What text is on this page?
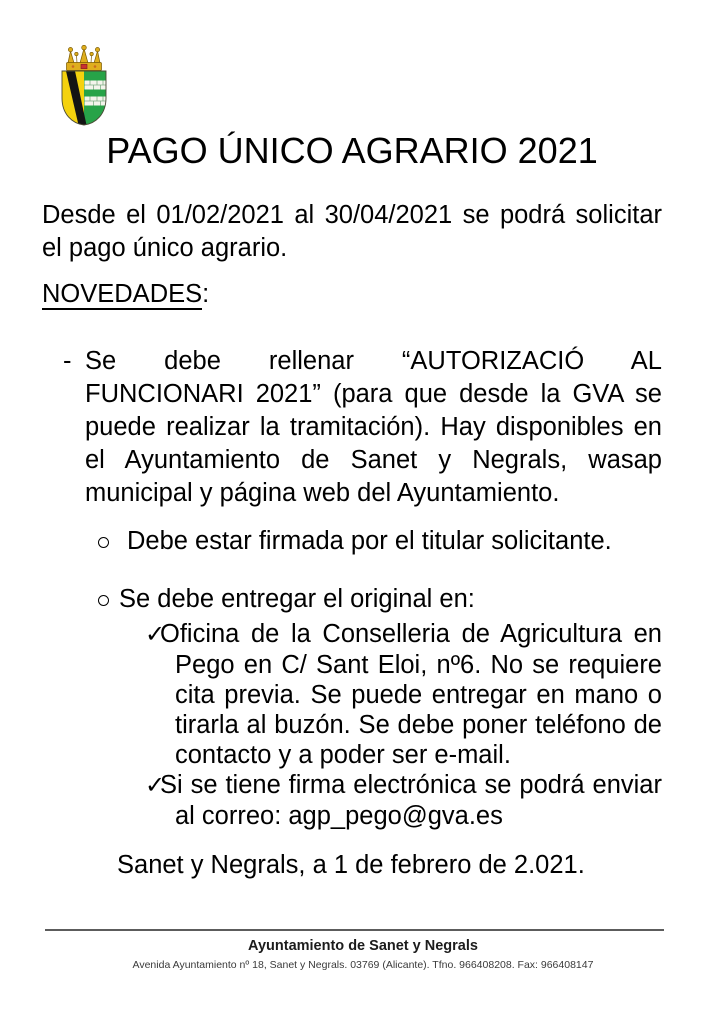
PAGO ÚNICO AGRARIO 2021

Desde el 01/02/2021 al 30/04/2021 se podrá solicitar el pago único agrario.

NOVEDADES:

- Se debe rellenar “AUTORIZACIÓ AL FUNCIONARI 2021” (para que desde la GVA se puede realizar la tramitación). Hay disponibles en el Ayuntamiento de Sanet y Negrals, wasap municipal y página web del Ayuntamiento.

Debe estar firmada por el titular solicitante.

Se debe entregar el original en:

✓Oficina de la Conselleria de Agricultura en Pego en C/ Sant Eloi, nº6. No se requiere cita previa. Se puede entregar en mano o tirarla al buzón. Se debe poner teléfono de contacto y a poder ser e-mail.

✓Si se tiene firma electrónica se podrá enviar al correo: agp_pego@gva.es

Sanet y Negrals, a 1 de febrero de 2.021.

Ayuntamiento de Sanet y Negrals
Avenida Ayuntamiento nº 18, Sanet y Negrals. 03769 (Alicante). Tfno. 966408208. Fax: 966408147
